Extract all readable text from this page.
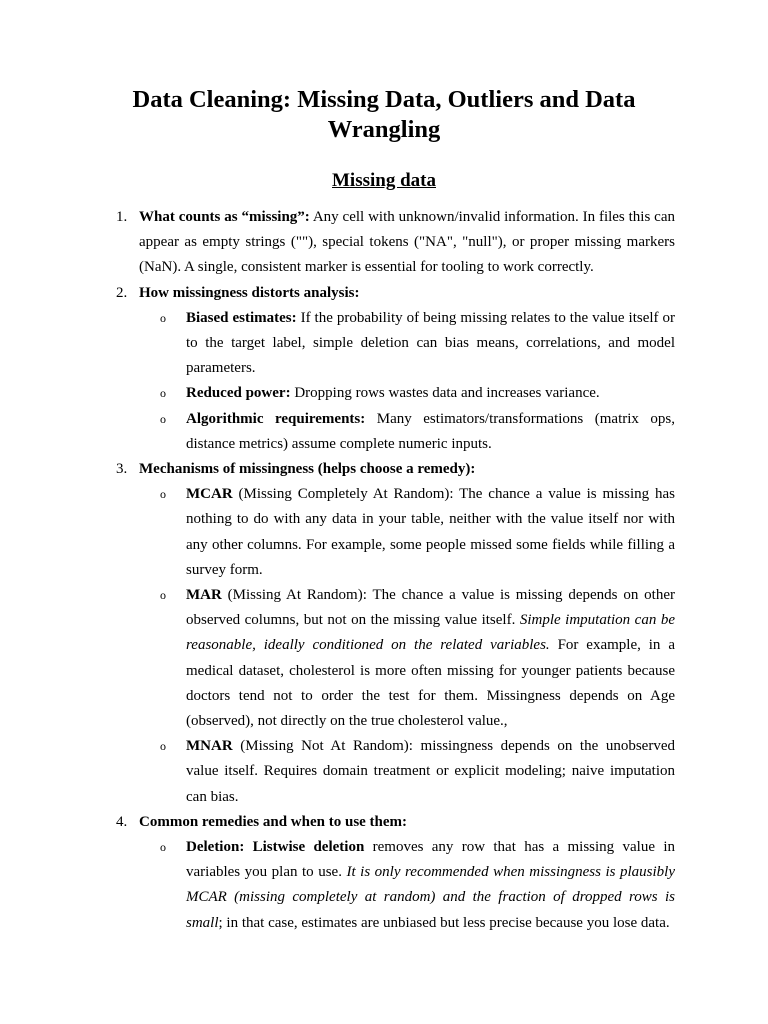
Data Cleaning: Missing Data, Outliers and Data Wrangling
Missing data
1. What counts as “missing”: Any cell with unknown/invalid information. In files this can appear as empty strings (""), special tokens ("NA", "null"), or proper missing markers (NaN). A single, consistent marker is essential for tooling to work correctly.
2. How missingness distorts analysis:
o Biased estimates: If the probability of being missing relates to the value itself or to the target label, simple deletion can bias means, correlations, and model parameters.
o Reduced power: Dropping rows wastes data and increases variance.
o Algorithmic requirements: Many estimators/transformations (matrix ops, distance metrics) assume complete numeric inputs.
3. Mechanisms of missingness (helps choose a remedy):
o MCAR (Missing Completely At Random): The chance a value is missing has nothing to do with any data in your table, neither with the value itself nor with any other columns. For example, some people missed some fields while filling a survey form.
o MAR (Missing At Random): The chance a value is missing depends on other observed columns, but not on the missing value itself. Simple imputation can be reasonable, ideally conditioned on the related variables. For example, in a medical dataset, cholesterol is more often missing for younger patients because doctors tend not to order the test for them. Missingness depends on Age (observed), not directly on the true cholesterol value.,
o MNAR (Missing Not At Random): missingness depends on the unobserved value itself. Requires domain treatment or explicit modeling; naive imputation can bias.
4. Common remedies and when to use them:
o Deletion: Listwise deletion removes any row that has a missing value in variables you plan to use. It is only recommended when missingness is plausibly MCAR (missing completely at random) and the fraction of dropped rows is small; in that case, estimates are unbiased but less precise because you lose data.
